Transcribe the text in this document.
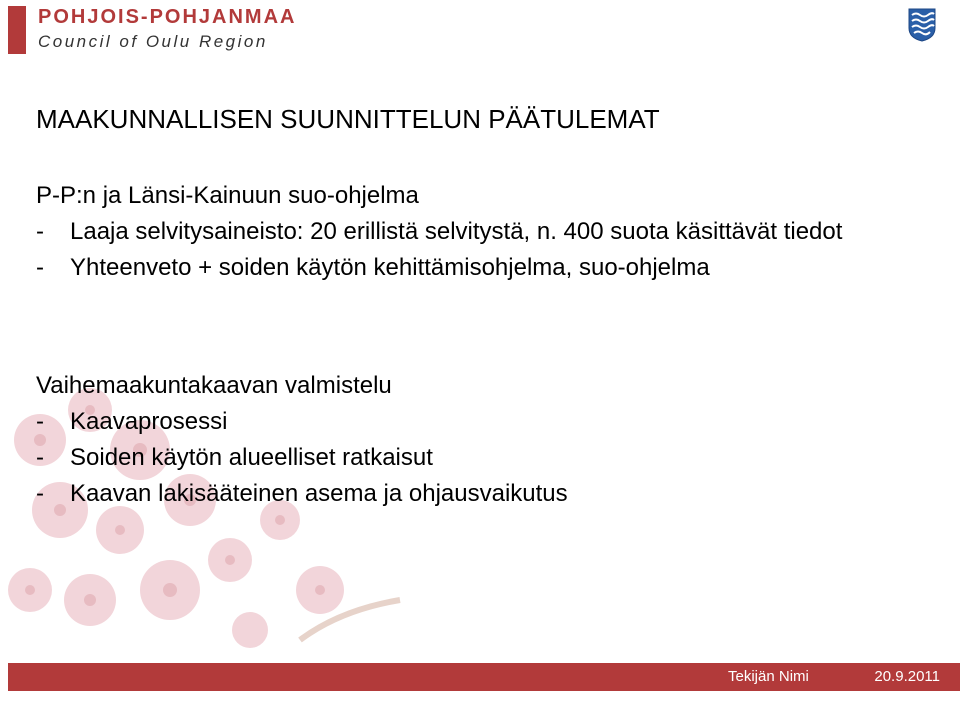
POHJOIS-POHJANMAA
Council of Oulu Region
MAAKUNNALLISEN SUUNNITTELUN PÄÄTULEMAT
P-P:n ja Länsi-Kainuun suo-ohjelma
-	Laaja selvitysaineisto: 20 erillistä selvitystä, n. 400 suota käsittävät tiedot
-	Yhteenveto + soiden käytön kehittämisohjelma, suo-ohjelma
Vaihemaakuntakaavan valmistelu
-	Kaavaprosessi
-	Soiden käytön alueelliset ratkaisut
-	Kaavan lakisääteinen asema ja ohjausvaikutus
Tekijän Nimi	20.9.2011
